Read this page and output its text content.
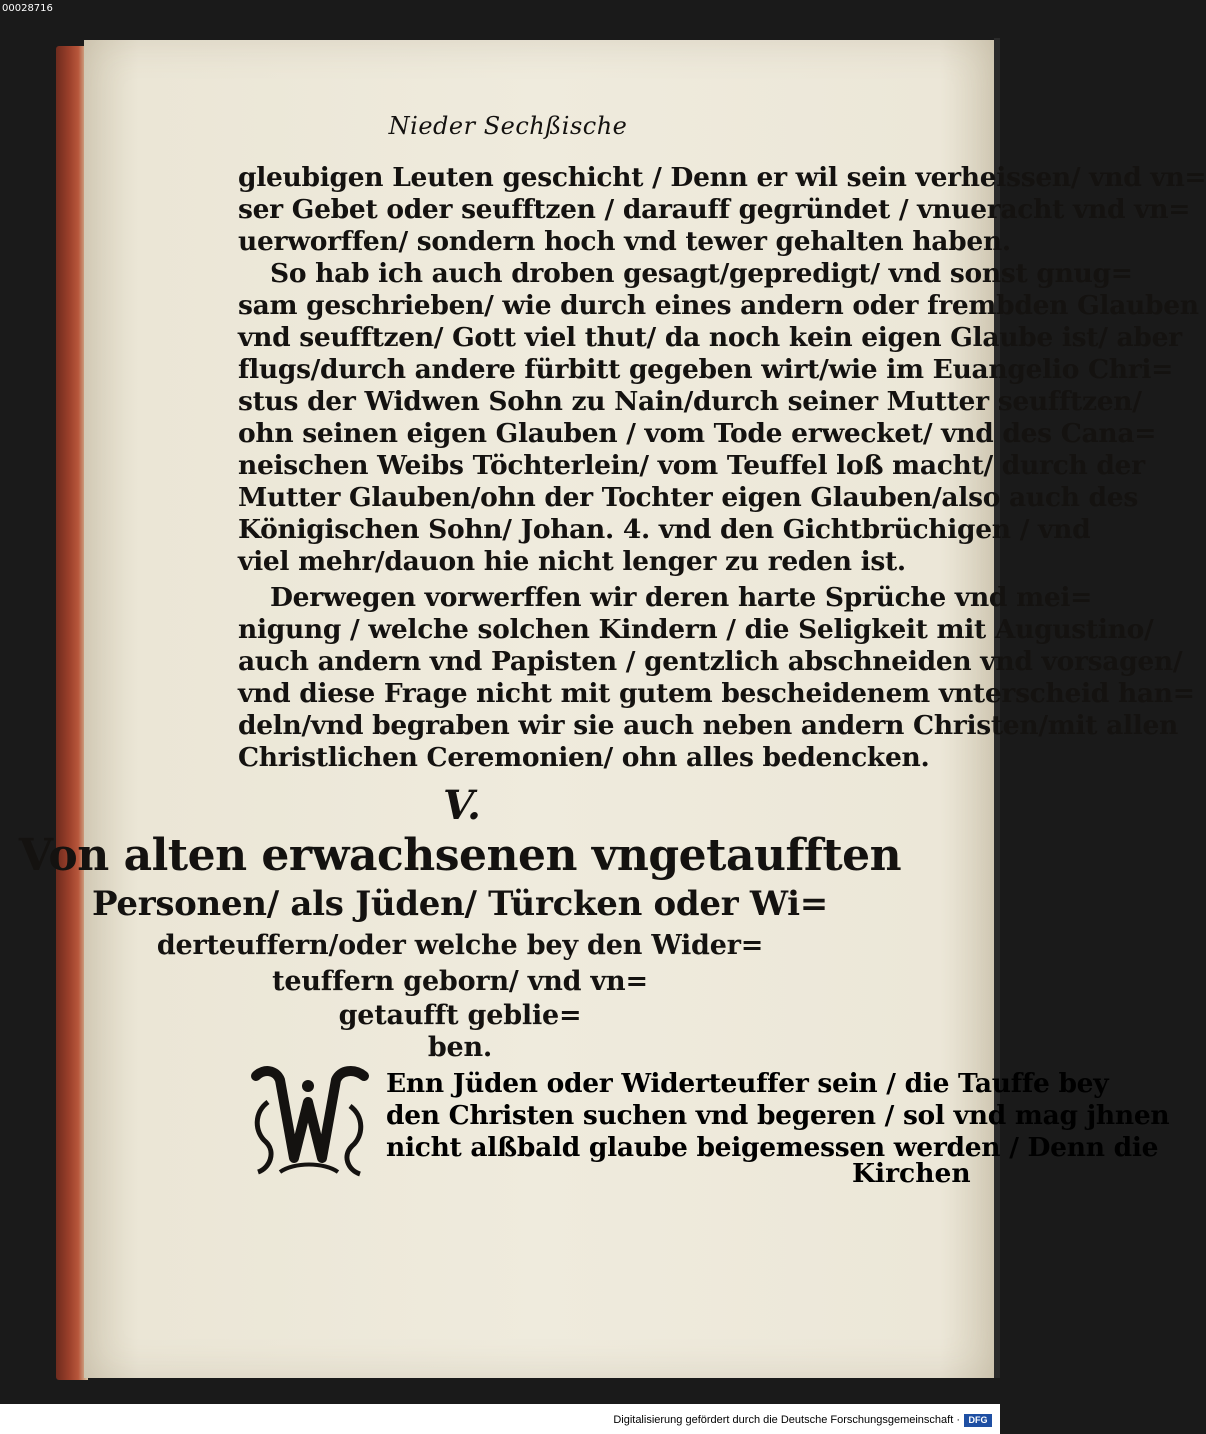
00028716
Nieder Sechßische
gleubigen Leuten geschicht / Denn er wil sein verheissen/ vnd vn=
ser Gebet oder seufftzen / darauff gegründet / vnueracht vnd vn=
uerworffen/ sondern hoch vnd tewer gehalten haben.
So hab ich auch droben gesagt/gepredigt/ vnd sonst gnug=
sam geschrieben/ wie durch eines andern oder frembden Glauben
vnd seufftzen/ Gott viel thut/ da noch kein eigen Glaube ist/ aber
flugs/durch andere fürbitt gegeben wirt/wie im Euangelio Chri=
stus der Widwen Sohn zu Nain/durch seiner Mutter seufftzen/
ohn seinen eigen Glauben / vom Tode erwecket/ vnd des Cana=
neischen Weibs Töchterlein/ vom Teuffel loß macht/ durch der
Mutter Glauben/ohn der Tochter eigen Glauben/also auch des
Königischen Sohn/ Johan. 4. vnd den Gichtbrüchigen / vnd
viel mehr/dauon hie nicht lenger zu reden ist.
Derwegen vorwerffen wir deren harte Sprüche vnd mei=
nigung / welche solchen Kindern / die Seligkeit mit Augustino/
auch andern vnd Papisten / gentzlich abschneiden vnd vorsagen/
vnd diese Frage nicht mit gutem bescheidenem vnterscheid han=
deln/vnd begraben wir sie auch neben andern Christen/mit allen
Christlichen Ceremonien/ ohn alles bedencken.
V.
Von alten erwachsenen vngetaufften
Personen/ als Jüden/ Türcken oder Wi=
derteuffern/oder welche bey den Wider=
teuffern geborn/ vnd vn=
getaufft geblie=
ben.
Enn Jüden oder Widerteuffer sein / die Tauffe bey
den Christen suchen vnd begeren / sol vnd mag jhnen
nicht alßbald glaube beigemessen werden / Denn die
Kirchen
Digitalisierung gefördert durch die Deutsche Forschungsgemeinschaft · DFG
